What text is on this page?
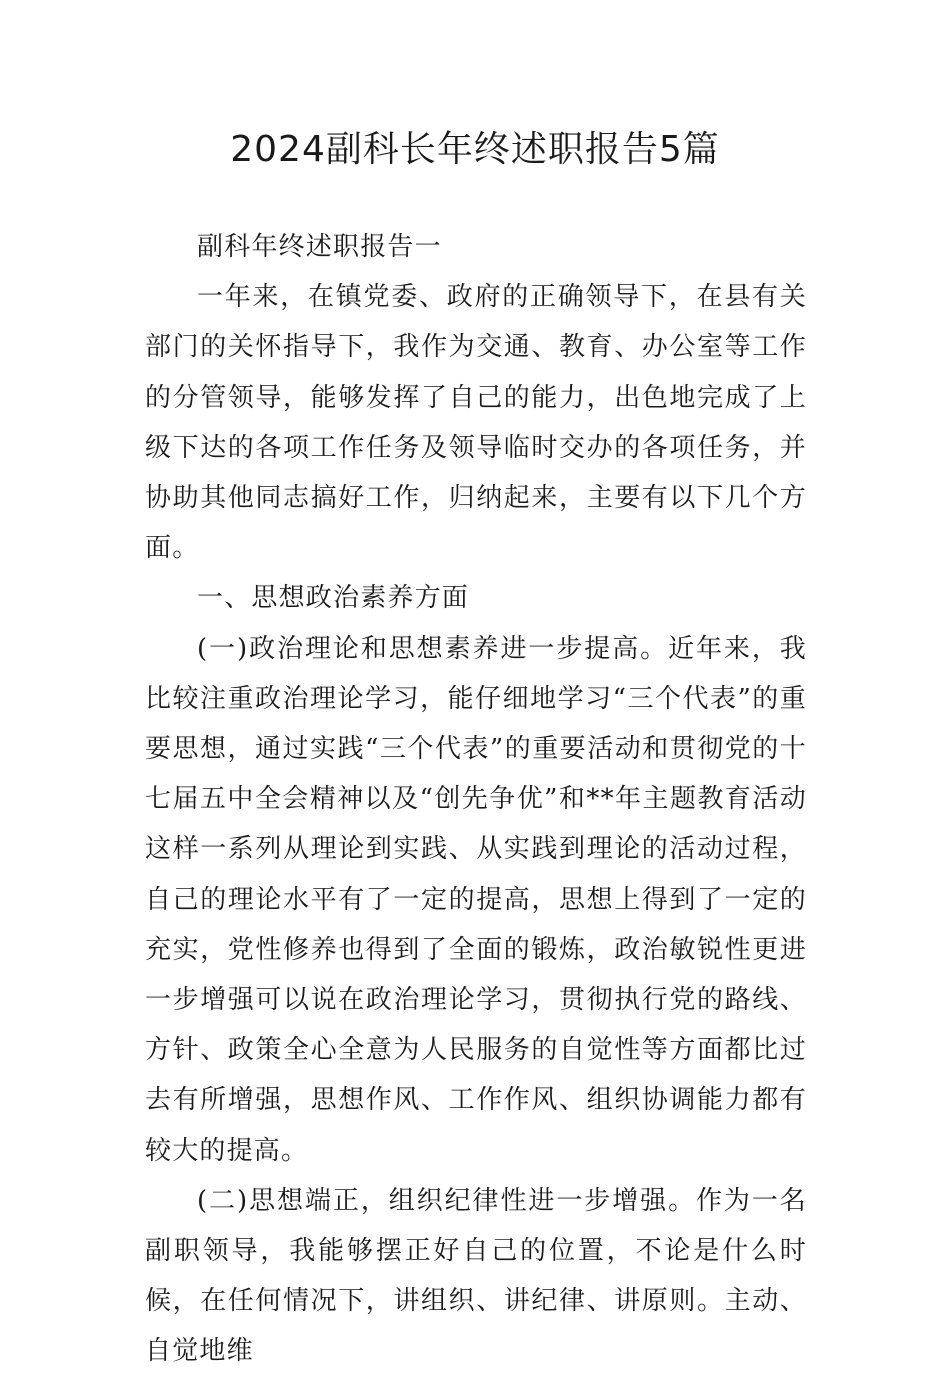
2024副科长年终述职报告5篇

副科年终述职报告一

一年来，在镇党委、政府的正确领导下，在县有关部门的关怀指导下，我作为交通、教育、办公室等工作的分管领导，能够发挥了自己的能力，出色地完成了上级下达的各项工作任务及领导临时交办的各项任务，并协助其他同志搞好工作，归纳起来，主要有以下几个方面。

一、思想政治素养方面

(一)政治理论和思想素养进一步提高。近年来，我比较注重政治理论学习，能仔细地学习“三个代表”的重要思想，通过实践“三个代表”的重要活动和贯彻党的十七届五中全会精神以及“创先争优”和**年主题教育活动这样一系列从理论到实践、从实践到理论的活动过程，自己的理论水平有了一定的提高，思想上得到了一定的充实，党性修养也得到了全面的锻炼，政治敏锐性更进一步增强可以说在政治理论学习，贯彻执行党的路线、方针、政策全心全意为人民服务的自觉性等方面都比过去有所增强，思想作风、工作作风、组织协调能力都有较大的提高。

(二)思想端正，组织纪律性进一步增强。作为一名副职领导，我能够摆正好自己的位置，不论是什么时候，在任何情况下，讲组织、讲纪律、讲原则。主动、自觉地维
